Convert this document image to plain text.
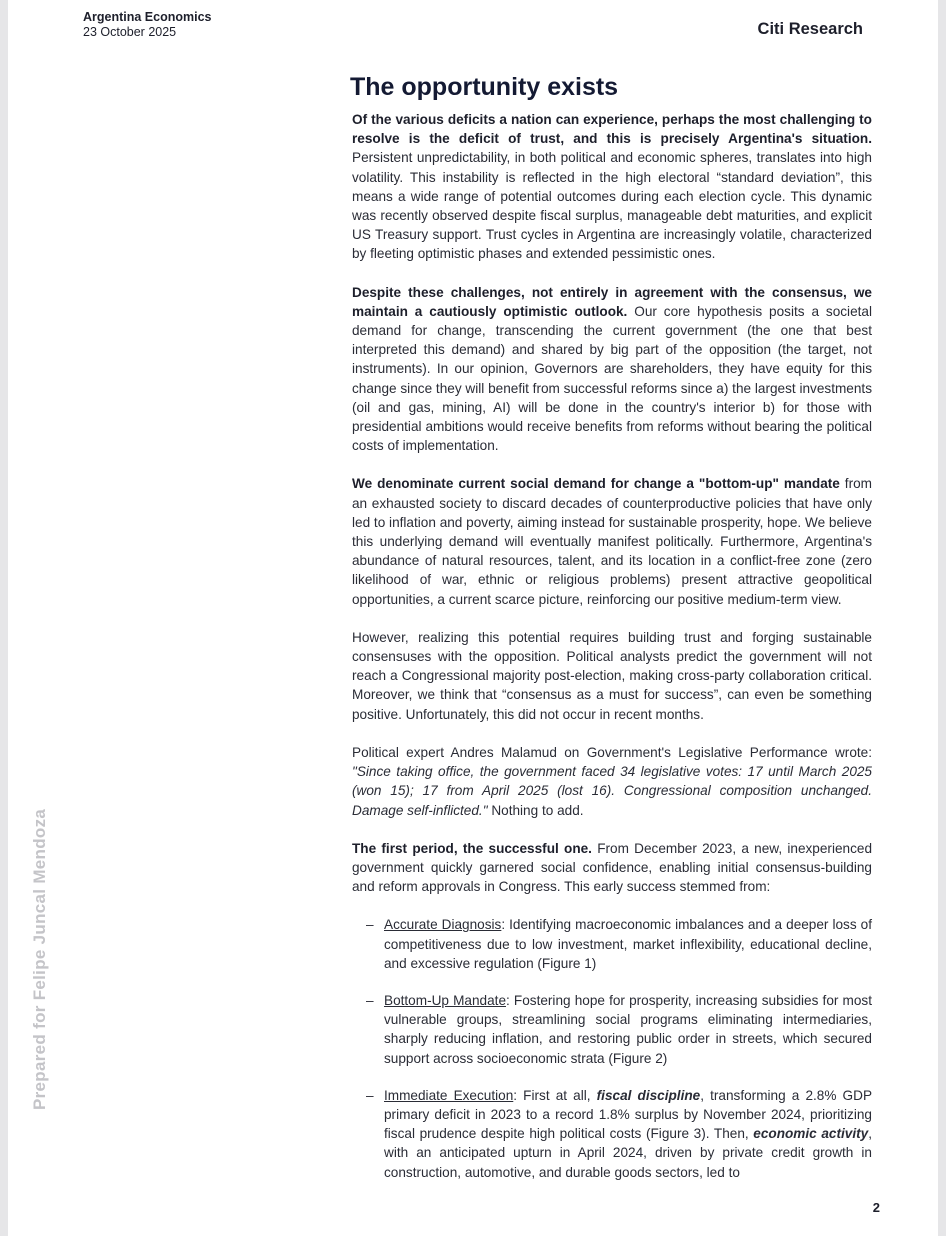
Argentina Economics
23 October 2025	Citi Research
Prepared for Felipe Juncal Mendoza
The opportunity exists

Of the various deficits a nation can experience, perhaps the most challenging to resolve is the deficit of trust, and this is precisely Argentina's situation. Persistent unpredictability, in both political and economic spheres, translates into high volatility. This instability is reflected in the high electoral “standard deviation”, this means a wide range of potential outcomes during each election cycle. This dynamic was recently observed despite fiscal surplus, manageable debt maturities, and explicit US Treasury support. Trust cycles in Argentina are increasingly volatile, characterized by fleeting optimistic phases and extended pessimistic ones.

Despite these challenges, not entirely in agreement with the consensus, we maintain a cautiously optimistic outlook. Our core hypothesis posits a societal demand for change, transcending the current government (the one that best interpreted this demand) and shared by big part of the opposition (the target, not instruments). In our opinion, Governors are shareholders, they have equity for this change since they will benefit from successful reforms since a) the largest investments (oil and gas, mining, AI) will be done in the country's interior b) for those with presidential ambitions would receive benefits from reforms without bearing the political costs of implementation.

We denominate current social demand for change a "bottom-up" mandate from an exhausted society to discard decades of counterproductive policies that have only led to inflation and poverty, aiming instead for sustainable prosperity, hope. We believe this underlying demand will eventually manifest politically. Furthermore, Argentina's abundance of natural resources, talent, and its location in a conflict-free zone (zero likelihood of war, ethnic or religious problems) present attractive geopolitical opportunities, a current scarce picture, reinforcing our positive medium-term view.

However, realizing this potential requires building trust and forging sustainable consensuses with the opposition. Political analysts predict the government will not reach a Congressional majority post-election, making cross-party collaboration critical. Moreover, we think that “consensus as a must for success”, can even be something positive. Unfortunately, this did not occur in recent months.

Political expert Andres Malamud on Government's Legislative Performance wrote: "Since taking office, the government faced 34 legislative votes: 17 until March 2025 (won 15); 17 from April 2025 (lost 16). Congressional composition unchanged. Damage self-inflicted." Nothing to add.

The first period, the successful one. From December 2023, a new, inexperienced government quickly garnered social confidence, enabling initial consensus-building and reform approvals in Congress. This early success stemmed from:

– Accurate Diagnosis: Identifying macroeconomic imbalances and a deeper loss of competitiveness due to low investment, market inflexibility, educational decline, and excessive regulation (Figure 1)
– Bottom-Up Mandate: Fostering hope for prosperity, increasing subsidies for most vulnerable groups, streamlining social programs eliminating intermediaries, sharply reducing inflation, and restoring public order in streets, which secured support across socioeconomic strata (Figure 2)
– Immediate Execution: First at all, fiscal discipline, transforming a 2.8% GDP primary deficit in 2023 to a record 1.8% surplus by November 2024, prioritizing fiscal prudence despite high political costs (Figure 3). Then, economic activity, with an anticipated upturn in April 2024, driven by private credit growth in construction, automotive, and durable goods sectors, led to
2
